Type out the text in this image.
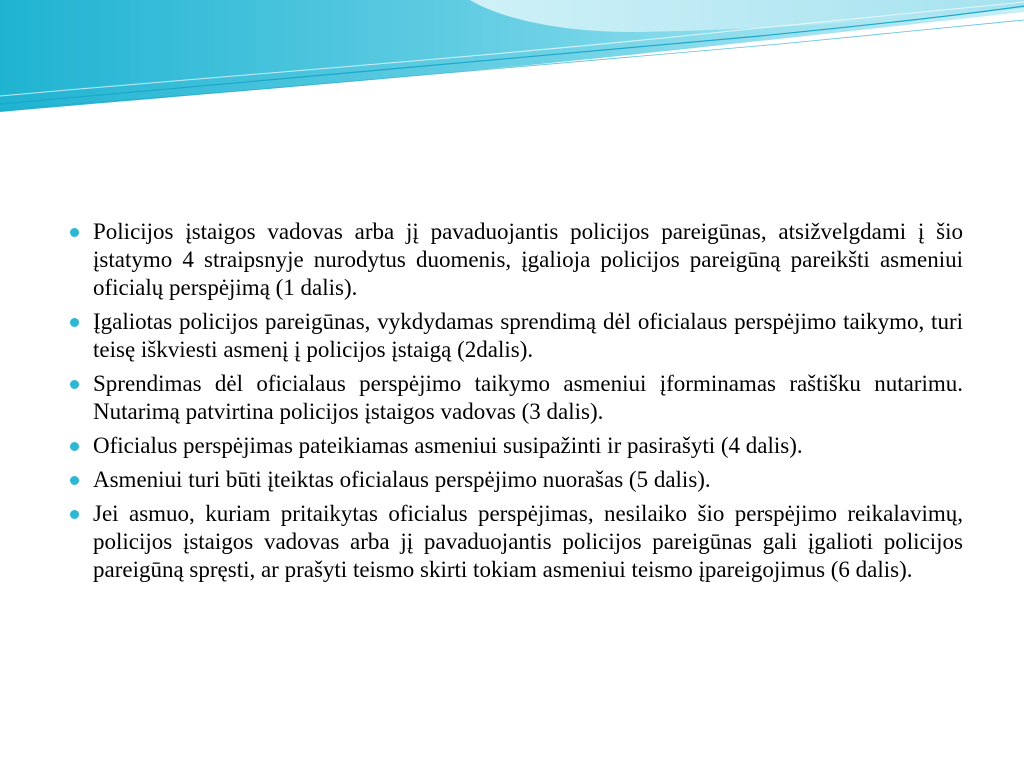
Policijos įstaigos vadovas arba jį pavaduojantis policijos pareigūnas, atsižvelgdami į šio įstatymo 4 straipsnyje nurodytus duomenis, įgalioja policijos pareigūną pareikšti asmeniui oficialų perspėjimą (1 dalis).
Įgaliotas policijos pareigūnas, vykdydamas sprendimą dėl oficialaus perspėjimo taikymo, turi teisę iškviesti asmenį į policijos įstaigą (2dalis).
Sprendimas dėl oficialaus perspėjimo taikymo asmeniui įforminamas raštišku nutarimu. Nutarimą patvirtina policijos įstaigos vadovas (3 dalis).
Oficialus perspėjimas pateikiamas asmeniui susipažinti ir pasirašyti (4 dalis).
Asmeniui turi būti įteiktas oficialaus perspėjimo nuorašas (5 dalis).
Jei asmuo, kuriam pritaikytas oficialus perspėjimas, nesilaiko šio perspėjimo reikalavimų, policijos įstaigos vadovas arba jį pavaduojantis policijos pareigūnas gali įgalioti policijos pareigūną spręsti, ar prašyti teismo skirti tokiam asmeniui teismo įpareigojimus (6 dalis).
